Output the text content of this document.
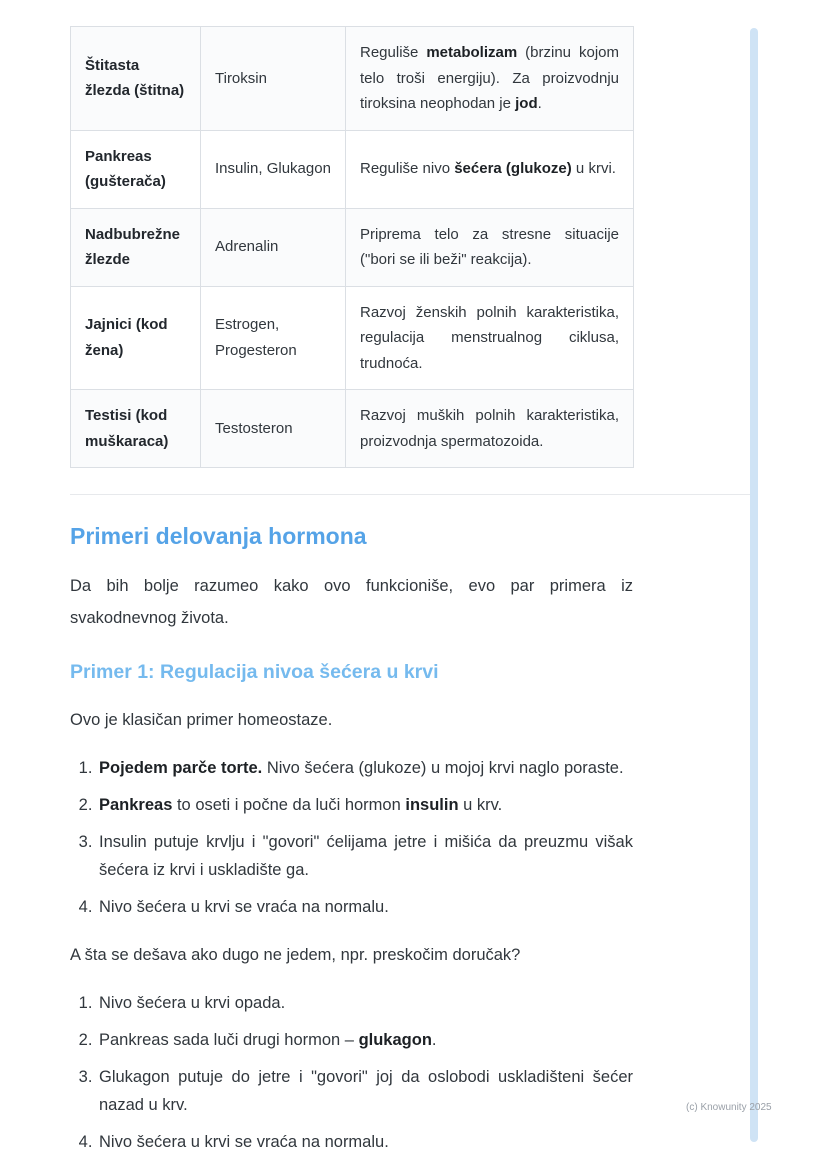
Štitasta žlezda (štitna)	Tiroksin	Reguliše metabolizam (brzinu kojom telo troši energiju). Za proizvodnju tiroksina neophodan je jod.
Pankreas (gušterača)	Insulin, Glukagon	Reguliše nivo šećera (glukoze) u krvi.
Nadbubrežne žlezde	Adrenalin	Priprema telo za stresne situacije ("bori se ili beži" reakcija).
Jajnici (kod žena)	Estrogen, Progesteron	Razvoj ženskih polnih karakteristika, regulacija menstrualnog ciklusa, trudnoća.
Testisi (kod muškaraca)	Testosteron	Razvoj muških polnih karakteristika, proizvodnja spermatozoida.
Primeri delovanja hormona

Da bih bolje razumeo kako ovo funkcioniše, evo par primera iz svakodnevnog života.

Primer 1: Regulacija nivoa šećera u krvi

Ovo je klasičan primer homeostaze.

1. Pojedem parče torte. Nivo šećera (glukoze) u mojoj krvi naglo poraste.
2. Pankreas to oseti i počne da luči hormon insulin u krv.
3. Insulin putuje krvlju i "govori" ćelijama jetre i mišića da preuzmu višak šećera iz krvi i uskladište ga.
4. Nivo šećera u krvi se vraća na normalu.

A šta se dešava ako dugo ne jedem, npr. preskočim doručak?

1. Nivo šećera u krvi opada.
2. Pankreas sada luči drugi hormon – glukagon.
3. Glukagon putuje do jetre i "govori" joj da oslobodi uskladišteni šećer nazad u krv.
4. Nivo šećera u krvi se vraća na normalu.
(c) Knowunity 2025
